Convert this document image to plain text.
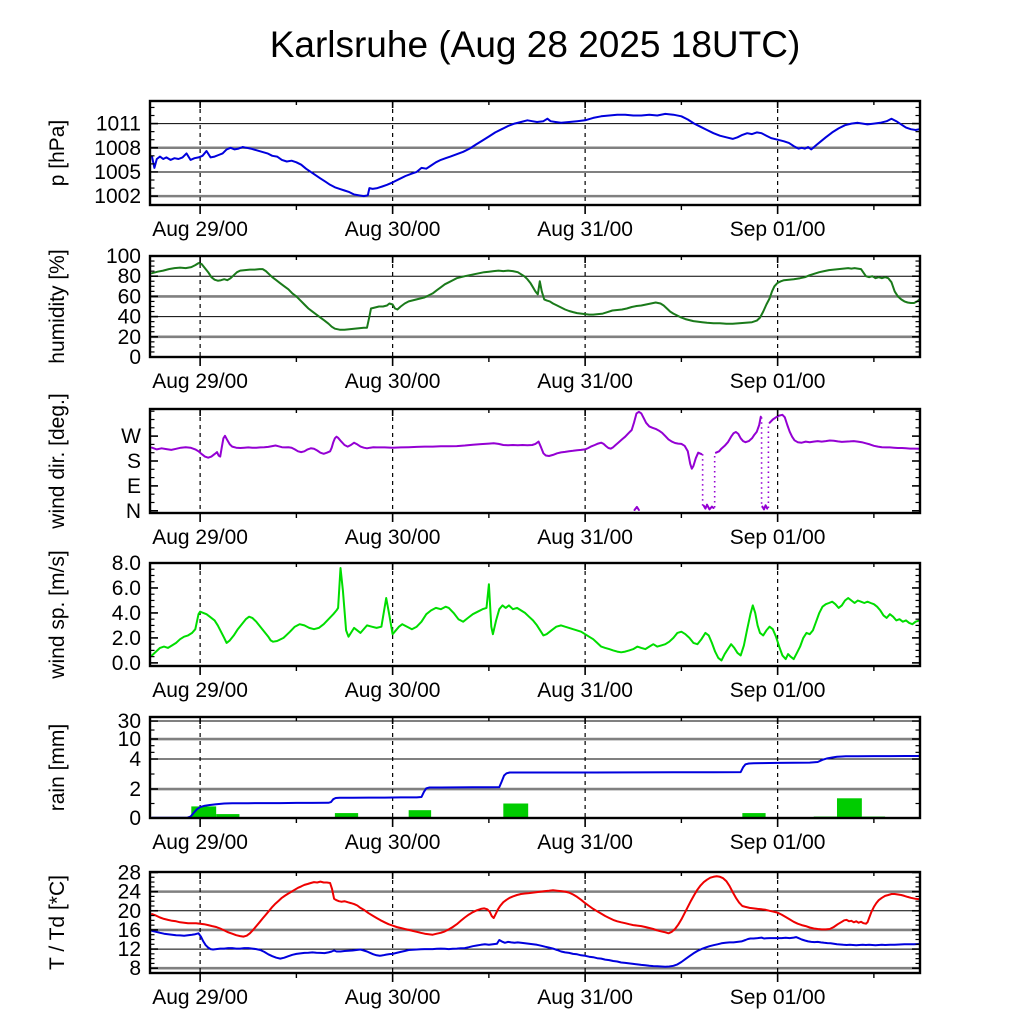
Karlsruhe (Aug 28 2025 18UTC)
1011
1008
1005
1002
Aug 29/00	Aug 30/00	Aug 31/00	Sep 01/00
p [hPa]
100
80
60
40
20
0
Aug 29/00	Aug 30/00	Aug 31/00	Sep 01/00
humidity [%]
W
S
E
N
Aug 29/00	Aug 30/00	Aug 31/00	Sep 01/00
wind dir. [deg.]
8.0
6.0
4.0
2.0
0.0
Aug 29/00	Aug 30/00	Aug 31/00	Sep 01/00
wind sp. [m/s]
30
10
4
2
0
Aug 29/00	Aug 30/00	Aug 31/00	Sep 01/00
rain [mm]
28
24
20
16
12
8
Aug 29/00	Aug 30/00	Aug 31/00	Sep 01/00
T / Td [*C]
